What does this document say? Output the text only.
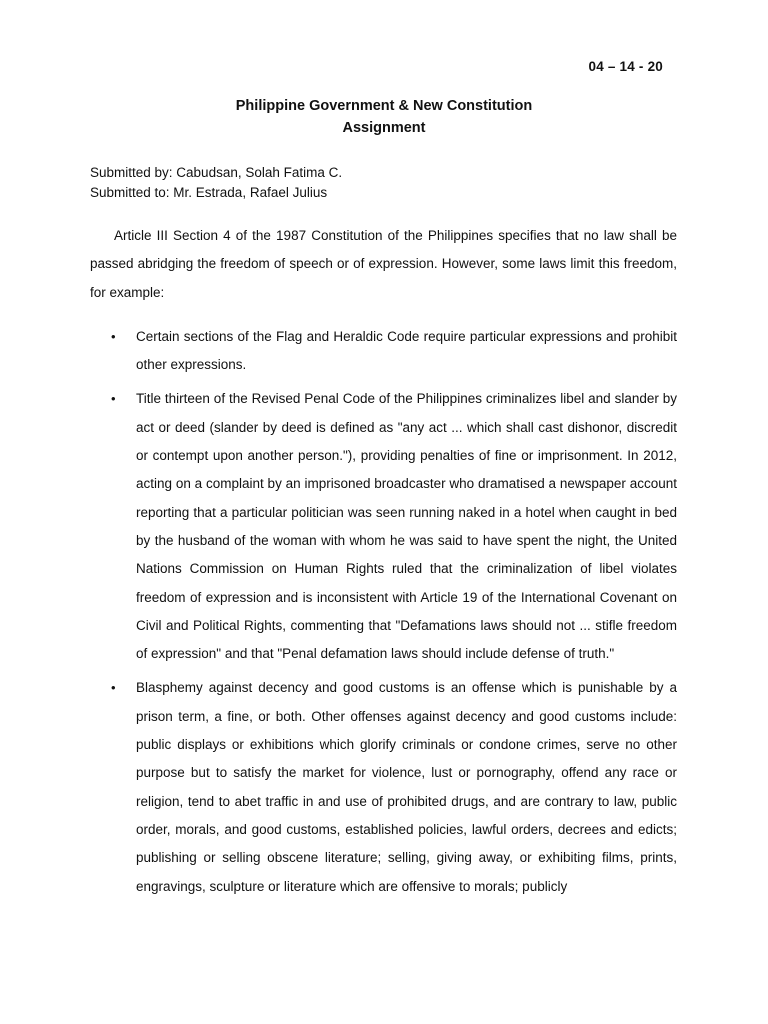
04 – 14 - 20
Philippine Government & New Constitution
Assignment
Submitted by: Cabudsan, Solah Fatima C.
Submitted to: Mr. Estrada, Rafael Julius

Article III Section 4 of the 1987 Constitution of the Philippines specifies that no law shall be passed abridging the freedom of speech or of expression. However, some laws limit this freedom, for example:

• Certain sections of the Flag and Heraldic Code require particular expressions and prohibit other expressions.
• Title thirteen of the Revised Penal Code of the Philippines criminalizes libel and slander by act or deed (slander by deed is defined as "any act ... which shall cast dishonor, discredit or contempt upon another person."), providing penalties of fine or imprisonment. In 2012, acting on a complaint by an imprisoned broadcaster who dramatised a newspaper account reporting that a particular politician was seen running naked in a hotel when caught in bed by the husband of the woman with whom he was said to have spent the night, the United Nations Commission on Human Rights ruled that the criminalization of libel violates freedom of expression and is inconsistent with Article 19 of the International Covenant on Civil and Political Rights, commenting that "Defamations laws should not ... stifle freedom of expression" and that "Penal defamation laws should include defense of truth."
• Blasphemy against decency and good customs is an offense which is punishable by a prison term, a fine, or both. Other offenses against decency and good customs include: public displays or exhibitions which glorify criminals or condone crimes, serve no other purpose but to satisfy the market for violence, lust or pornography, offend any race or religion, tend to abet traffic in and use of prohibited drugs, and are contrary to law, public order, morals, and good customs, established policies, lawful orders, decrees and edicts; publishing or selling obscene literature; selling, giving away, or exhibiting films, prints, engravings, sculpture or literature which are offensive to morals; publicly
